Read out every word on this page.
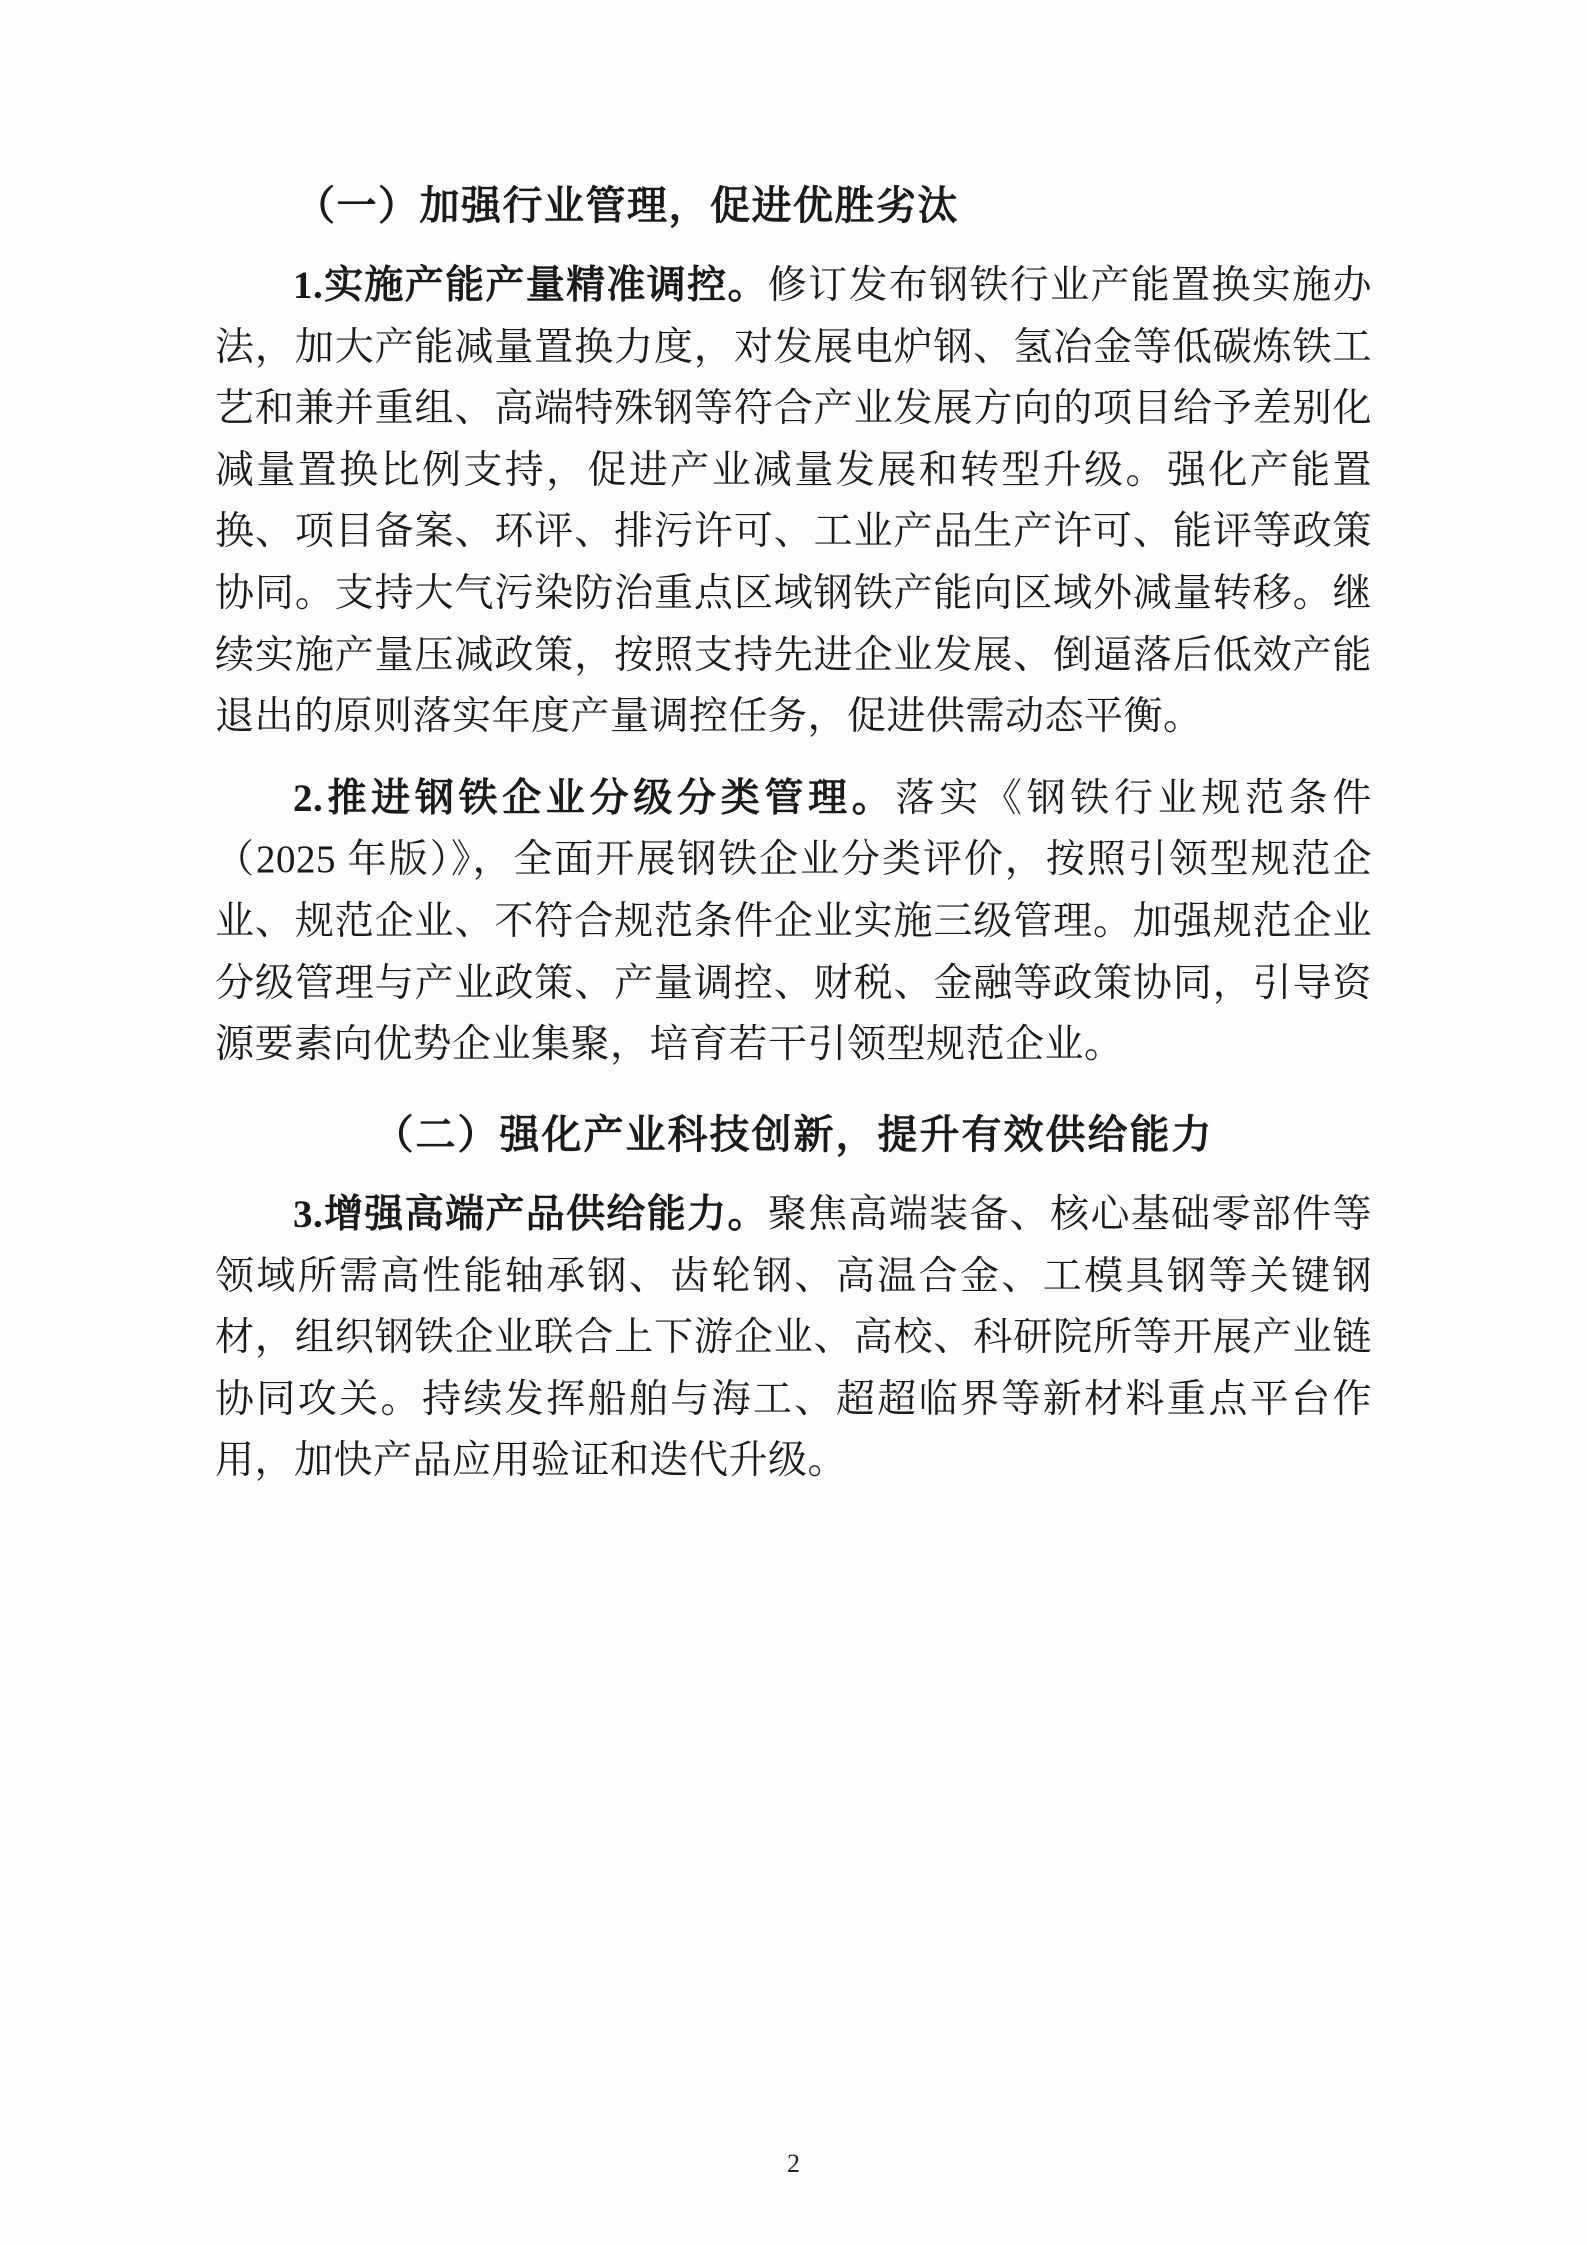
（一）加强行业管理，促进优胜劣汰

1.实施产能产量精准调控。修订发布钢铁行业产能置换实施办法，加大产能减量置换力度，对发展电炉钢、氢冶金等低碳炼铁工艺和兼并重组、高端特殊钢等符合产业发展方向的项目给予差别化减量置换比例支持，促进产业减量发展和转型升级。强化产能置换、项目备案、环评、排污许可、工业产品生产许可、能评等政策协同。支持大气污染防治重点区域钢铁产能向区域外减量转移。继续实施产量压减政策，按照支持先进企业发展、倒逼落后低效产能退出的原则落实年度产量调控任务，促进供需动态平衡。

2.推进钢铁企业分级分类管理。落实《钢铁行业规范条件（2025 年版）》，全面开展钢铁企业分类评价，按照引领型规范企业、规范企业、不符合规范条件企业实施三级管理。加强规范企业分级管理与产业政策、产量调控、财税、金融等政策协同，引导资源要素向优势企业集聚，培育若干引领型规范企业。

（二）强化产业科技创新，提升有效供给能力

3.增强高端产品供给能力。聚焦高端装备、核心基础零部件等领域所需高性能轴承钢、齿轮钢、高温合金、工模具钢等关键钢材，组织钢铁企业联合上下游企业、高校、科研院所等开展产业链协同攻关。持续发挥船舶与海工、超超临界等新材料重点平台作用，加快产品应用验证和迭代升级。

2
